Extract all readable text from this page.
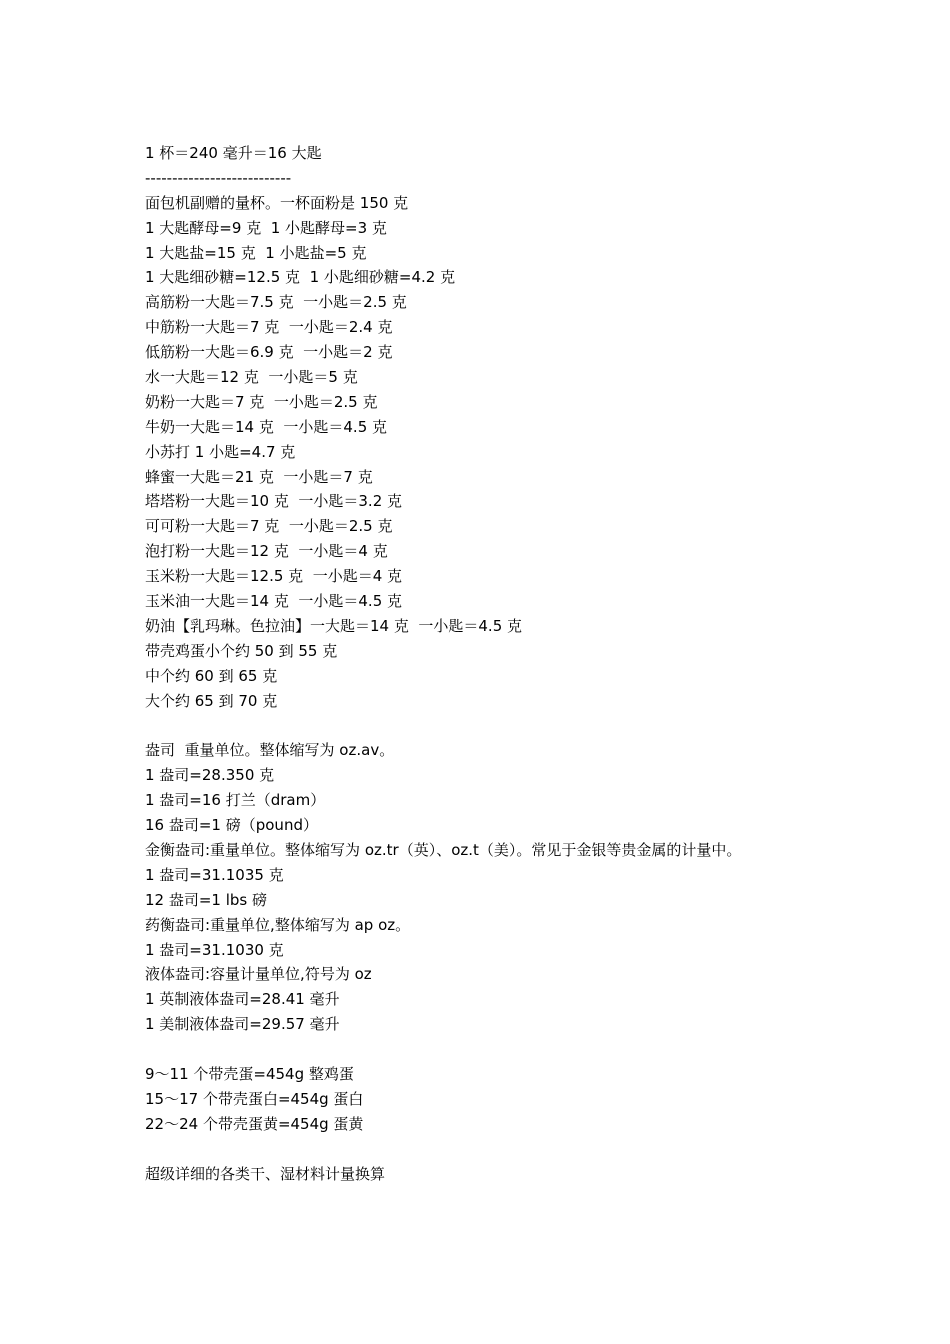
1 杯＝240 毫升＝16 大匙
---------------------------
面包机副赠的量杯。一杯面粉是 150 克
1 大匙酵母=9 克  1 小匙酵母=3 克
1 大匙盐=15 克  1 小匙盐=5 克
1 大匙细砂糖=12.5 克  1 小匙细砂糖=4.2 克
高筋粉一大匙＝7.5 克  一小匙＝2.5 克
中筋粉一大匙＝7 克  一小匙＝2.4 克
低筋粉一大匙＝6.9 克  一小匙＝2 克
水一大匙＝12 克  一小匙＝5 克
奶粉一大匙＝7 克  一小匙＝2.5 克
牛奶一大匙＝14 克  一小匙＝4.5 克
小苏打 1 小匙=4.7 克
蜂蜜一大匙＝21 克  一小匙＝7 克
塔塔粉一大匙＝10 克  一小匙＝3.2 克
可可粉一大匙＝7 克  一小匙＝2.5 克
泡打粉一大匙＝12 克  一小匙＝4 克
玉米粉一大匙＝12.5 克  一小匙＝4 克
玉米油一大匙＝14 克  一小匙＝4.5 克
奶油【乳玛琳。色拉油】一大匙＝14 克  一小匙＝4.5 克
带壳鸡蛋小个约 50 到 55 克
中个约 60 到 65 克
大个约 65 到 70 克
盎司  重量单位。整体缩写为 oz.av。
1 盎司=28.350 克
1 盎司=16 打兰（dram）
16 盎司=1 磅（pound）
金衡盎司:重量单位。整体缩写为 oz.tr（英）、oz.t（美）。常见于金银等贵金属的计量中。
1 盎司=31.1035 克
12 盎司=1 lbs 磅
药衡盎司:重量单位,整体缩写为 ap oz。
1 盎司=31.1030 克
液体盎司:容量计量单位,符号为 oz
1 英制液体盎司=28.41 毫升
1 美制液体盎司=29.57 毫升
9～11 个带壳蛋=454g 整鸡蛋
15～17 个带壳蛋白=454g 蛋白
22～24 个带壳蛋黄=454g 蛋黄
超级详细的各类干、湿材料计量换算
